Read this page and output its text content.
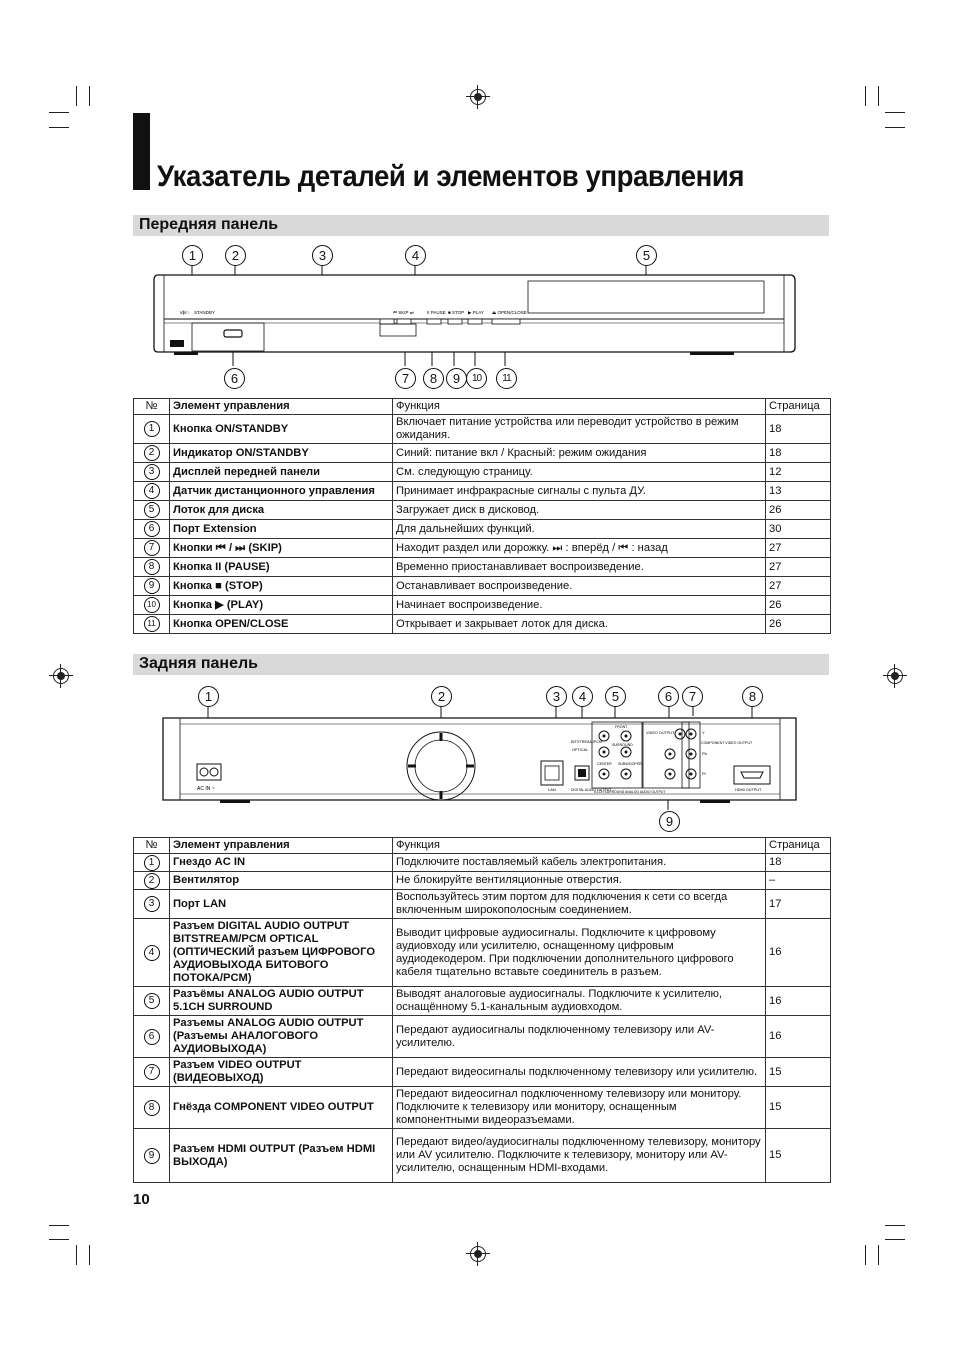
Указатель деталей и элементов управления
Передняя панель
1	2	3	4	5
I/ɸ/○ STANDBY	⏮ SKIP ⏭	II PAUSE ■ STOP ▶ PLAY ⏏ OPEN/CLOSE
6	7	8	9	10	11
№	Элемент управления	Функция	Страница
1	Кнопка ON/STANDBY	Включает питание устройства или переводит устройство в режим ожидания.	18
2	Индикатор ON/STANDBY	Синий: питание вкл / Красный: режим ожидания	18
3	Дисплей передней панели	См. следующую страницу.	12
4	Датчик дистанционного управления	Принимает инфракрасные сигналы с пульта ДУ.	13
5	Лоток для диска	Загружает диск в дисковод.	26
6	Порт Extension	Для дальнейших функций.	30
7	Кнопки ⏮ / ⏭ (SKIP)	Находит раздел или дорожку. ⏭ : вперёд / ⏮ : назад	27
8	Кнопка II (PAUSE)	Временно приостанавливает воспроизведение.	27
9	Кнопка ■ (STOP)	Останавливает воспроизведение.	27
10	Кнопка ▶ (PLAY)	Начинает воспроизведение.	26
11	Кнопка OPEN/CLOSE	Открывает и закрывает лоток для диска.	26
Задняя панель
1	2	3	4	5	6	7	8
AC IN ~	LAN
BITSTREAM/PCM
OPTICAL
DIGITAL AUDIO OUTPUT
CENTER SUBWOOFER
FRONT
SURROUND
5.1CH SURROUND ANALOG AUDIO OUTPUT
VIDEO OUTPUT	Y
Pb
Pr
COMPONENT VIDEO OUTPUT
HDMI OUTPUT
9
№	Элемент управления	Функция	Страница
1	Гнездо AC IN	Подключите поставляемый кабель электропитания.	18
2	Вентилятор	Не блокируйте вентиляционные отверстия.	–
3	Порт LAN	Воспользуйтесь этим портом для подключения к сети со всегда включенным широкополосным соединением.	17
4	Разъем DIGITAL AUDIO OUTPUT BITSTREAM/PCM OPTICAL (ОПТИЧЕСКИЙ разъем ЦИФРОВОГО АУДИОВЫХОДА БИТОВОГО ПОТОКА/PCM)	Выводит цифровые аудиосигналы. Подключите к цифровому аудиовходу или усилителю, оснащенному цифровым аудиодекодером. При подключении дополнительного цифрового кабеля тщательно вставьте соединитель в разъем.	16
5	Разъёмы ANALOG AUDIO OUTPUT 5.1CH SURROUND	Выводят аналоговые аудиосигналы. Подключите к усилителю, оснащённому 5.1-канальным аудиовходом.	16
6	Разъемы ANALOG AUDIO OUTPUT (Разъемы АНАЛОГОВОГО АУДИОВЫХОДА)	Передают аудиосигналы подключенному телевизору или AV-усилителю.	16
7	Разъем VIDEO OUTPUT (ВИДЕОВЫХОД)	Передают видеосигналы подключенному телевизору или усилителю.	15
8	Гнёзда COMPONENT VIDEO OUTPUT	Передают видеосигнал подключенному телевизору или монитору. Подключите к телевизору или монитору, оснащенным компонентными видеоразъемами.	15
9	Разъем HDMI OUTPUT (Разъем HDMI ВЫХОДА)	Передают видео/аудиосигналы подключенному телевизору, монитору или AV усилителю. Подключите к телевизору, монитору или AV-усилителю, оснащенным HDMI-входами.	15
10
